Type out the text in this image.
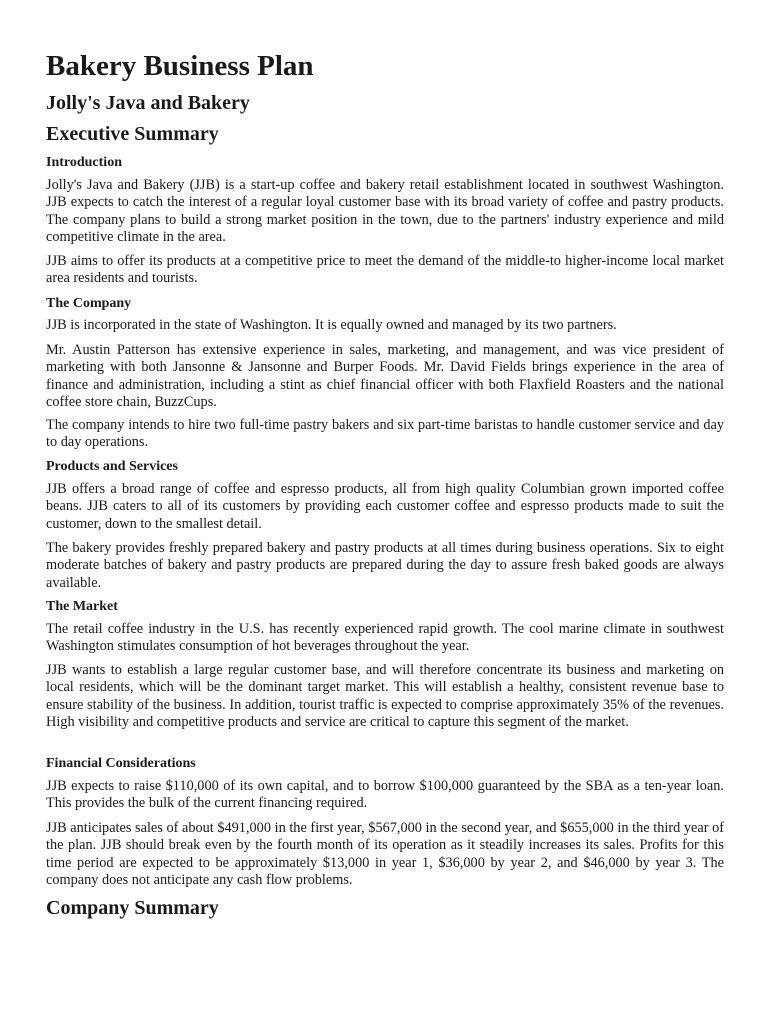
Bakery Business Plan
Jolly's Java and Bakery
Executive Summary
Introduction

Jolly's Java and Bakery (JJB) is a start-up coffee and bakery retail establishment located in southwest Washington. JJB expects to catch the interest of a regular loyal customer base with its broad variety of coffee and pastry products. The company plans to build a strong market position in the town, due to the partners' industry experience and mild competitive climate in the area.

JJB aims to offer its products at a competitive price to meet the demand of the middle-to higher-income local market area residents and tourists.

The Company

JJB is incorporated in the state of Washington. It is equally owned and managed by its two partners.

Mr. Austin Patterson has extensive experience in sales, marketing, and management, and was vice president of marketing with both Jansonne & Jansonne and Burper Foods. Mr. David Fields brings experience in the area of finance and administration, including a stint as chief financial officer with both Flaxfield Roasters and the national coffee store chain, BuzzCups.

The company intends to hire two full-time pastry bakers and six part-time baristas to handle customer service and day to day operations.

Products and Services

JJB offers a broad range of coffee and espresso products, all from high quality Columbian grown imported coffee beans. JJB caters to all of its customers by providing each customer coffee and espresso products made to suit the customer, down to the smallest detail.

The bakery provides freshly prepared bakery and pastry products at all times during business operations. Six to eight moderate batches of bakery and pastry products are prepared during the day to assure fresh baked goods are always available.

The Market

The retail coffee industry in the U.S. has recently experienced rapid growth. The cool marine climate in southwest Washington stimulates consumption of hot beverages throughout the year.

JJB wants to establish a large regular customer base, and will therefore concentrate its business and marketing on local residents, which will be the dominant target market. This will establish a healthy, consistent revenue base to ensure stability of the business. In addition, tourist traffic is expected to comprise approximately 35% of the revenues. High visibility and competitive products and service are critical to capture this segment of the market.

Financial Considerations

JJB expects to raise $110,000 of its own capital, and to borrow $100,000 guaranteed by the SBA as a ten-year loan. This provides the bulk of the current financing required.

JJB anticipates sales of about $491,000 in the first year, $567,000 in the second year, and $655,000 in the third year of the plan. JJB should break even by the fourth month of its operation as it steadily increases its sales. Profits for this time period are expected to be approximately $13,000 in year 1, $36,000 by year 2, and $46,000 by year 3. The company does not anticipate any cash flow problems.

Company Summary
